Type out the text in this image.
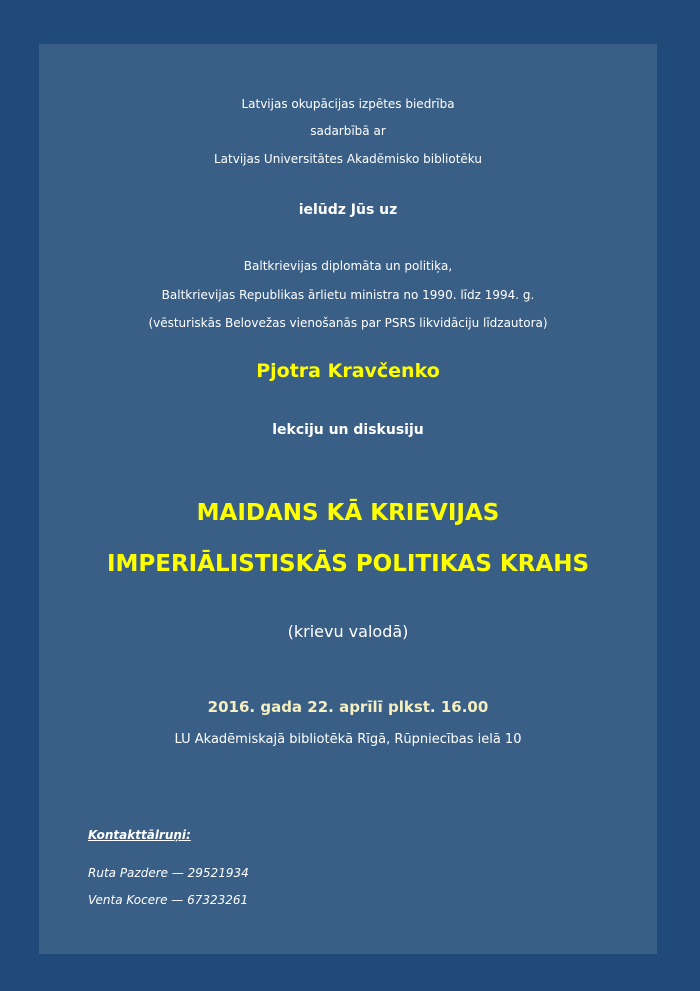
Latvijas okupācijas izpētes biedrība
sadarbībā ar
Latvijas Universitātes Akadēmisko bibliotēku
ielūdz Jūs uz
Baltkrievijas diplomāta un politiķa,
Baltkrievijas Republikas ārlietu ministra no 1990. līdz 1994. g.
(vēsturiskās Belovežas vienošanās par PSRS likvidāciju līdzautora)
Pjotra Kravčenko
lekciju un diskusiju
MAIDANS KĀ KRIEVIJAS
IMPERIĀLISTISKĀS POLITIKAS KRAHS
(krievu valodā)
2016. gada 22. aprīlī plkst. 16.00
LU Akadēmiskajā bibliotēkā Rīgā, Rūpniecības ielā 10
Kontakttālruņi:
Ruta Pazdere — 29521934
Venta Kocere — 67323261
